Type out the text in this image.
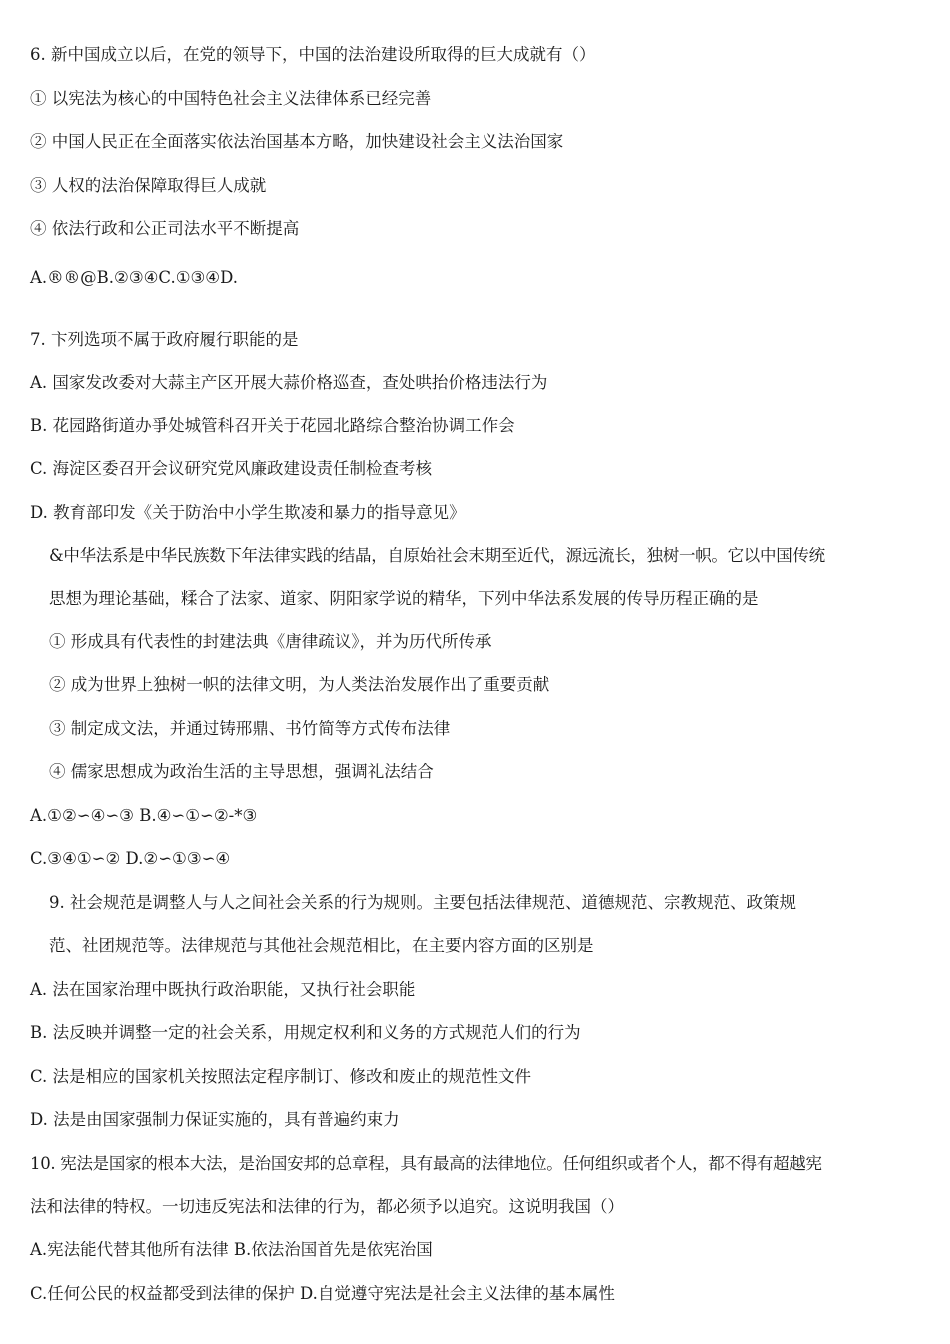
6. 新中国成立以后，在党的领导下，中国的法治建设所取得的巨大成就有（）
① 以宪法为核心的中国特色社会主义法律体系已经完善
② 中国人民正在全面落实依法治国基本方略，加快建设社会主义法治国家
③ 人权的法治保障取得巨人成就
④ 依法行政和公正司法水平不断提高
A.®®@B.②③④C.①③④D.
7. 卞列选项不属于政府履行职能的是
A. 国家发改委对大蒜主产区开展大蒜价格巡查，查处哄抬价格违法行为
B. 花园路街道办爭处城管科召开关于花园北路综合整治协调工作会
C. 海淀区委召开会议研究党风廉政建设责任制检查考核
D. 教育部印发《关于防治中小学生欺凌和暴力的指导意见》
&中华法系是中华民族数下年法律实践的结晶，自原始社会末期至近代，源远流长，独树一帜。它以中国传统
思想为理论基础，糅合了法家、道家、阴阳家学说的精华，下列中华法系发展的传导历程正确的是
① 形成具有代表性的封建法典《唐律疏议》，并为历代所传承
② 成为世界上独树一帜的法律文明，为人类法治发展作出了重要贡献
③ 制定成文法，并通过铸邢鼎、书竹简等方式传布法律
④ 儒家思想成为政治生活的主导思想，强调礼法结合
A.①②∽④∽③ B.④∽①∽②-*③
C.③④①∽② D.②∽①③∽④
9. 社会规范是调整人与人之间社会关系的行为规则。主要包括法律规范、道德规范、宗教规范、政策规
范、社团规范等。法律规范与其他社会规范相比，在主要内容方面的区别是
A. 法在国家治理中既执行政治职能，又执行社会职能
B. 法反映并调整一定的社会关系，用规定权利和义务的方式规范人们的行为
C. 法是相应的国家机关按照法定程序制订、修改和废止的规范性文件
D. 法是由国家强制力保证实施的，具有普遍约束力
10. 宪法是国家的根本大法，是治国安邦的总章程，具有最高的法律地位。任何组织或者个人，都不得有超越宪
法和法律的特权。一切违反宪法和法律的行为，都必须予以追究。这说明我国（）
A.宪法能代替其他所有法律 B.依法治国首先是依宪治国
C.任何公民的权益都受到法律的保护 D.自觉遵守宪法是社会主义法律的基本属性
